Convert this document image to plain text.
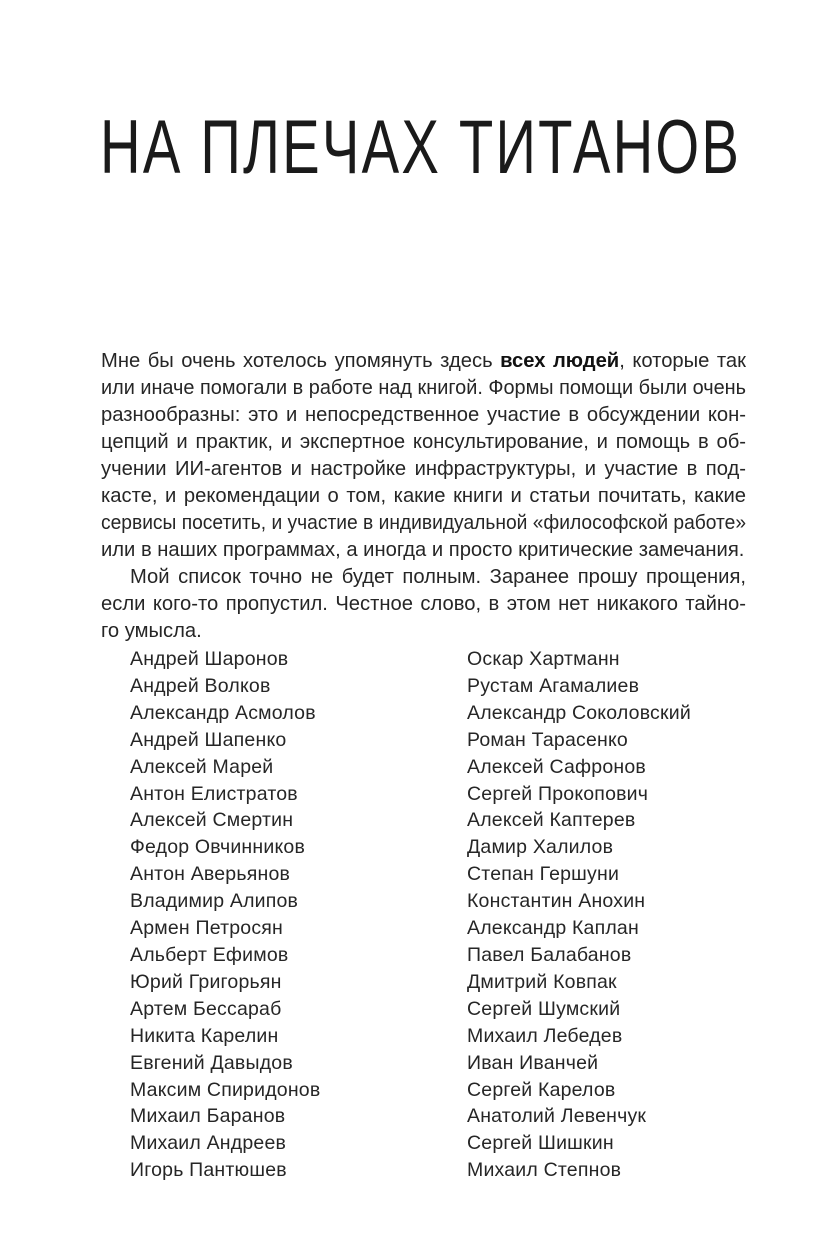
НА ПЛЕЧАХ ТИТАНОВ

Мне бы очень хотелось упомянуть здесь всех людей, которые так
или иначе помогали в работе над книгой. Формы помощи были очень
разнообразны: это и непосредственное участие в обсуждении кон-
цепций и практик, и экспертное консультирование, и помощь в об-
учении ИИ-агентов и настройке инфраструктуры, и участие в под-
касте, и рекомендации о том, какие книги и статьи почитать, какие
сервисы посетить, и участие в индивидуальной «философской работе»
или в наших программах, а иногда и просто критические замечания.

Мой список точно не будет полным. Заранее прошу прощения,
если кого-то пропустил. Честное слово, в этом нет никакого тайно-
го умысла.

Андрей Шаронов
Андрей Волков
Александр Асмолов
Андрей Шапенко
Алексей Марей
Антон Елистратов
Алексей Смертин
Федор Овчинников
Антон Аверьянов
Владимир Алипов
Армен Петросян
Альберт Ефимов
Юрий Григорьян
Артем Бессараб
Никита Карелин
Евгений Давыдов
Максим Спиридонов
Михаил Баранов
Михаил Андреев
Игорь Пантюшев
Оскар Хартманн
Рустам Агамалиев
Александр Соколовский
Роман Тарасенко
Алексей Сафронов
Сергей Прокопович
Алексей Каптерев
Дамир Халилов
Степан Гершуни
Константин Анохин
Александр Каплан
Павел Балабанов
Дмитрий Ковпак
Сергей Шумский
Михаил Лебедев
Иван Иванчей
Сергей Карелов
Анатолий Левенчук
Сергей Шишкин
Михаил Степнов
